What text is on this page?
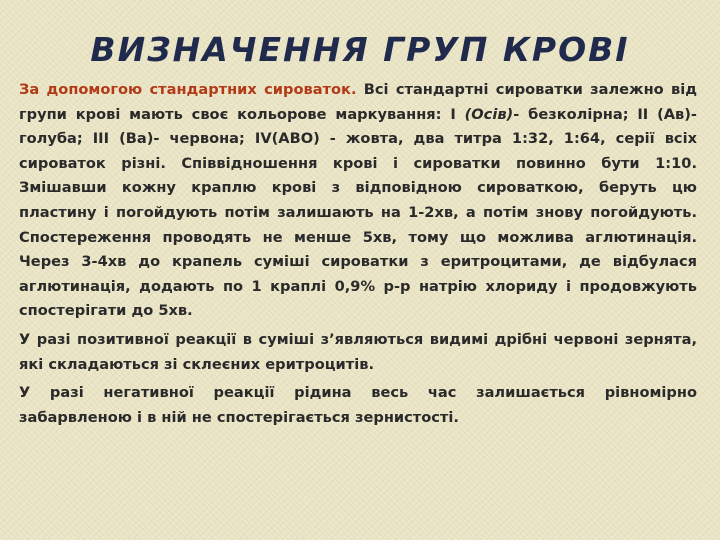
ВИЗНАЧЕННЯ ГРУП КРОВІ

За допомогою стандартних сироваток. Всі стандартні сироватки залежно від групи крові мають своє кольорове маркування: І (Осів)- безколірна; ІІ (Ав)- голуба; ІІІ (Ва)- червона; IV(АВО) - жовта, два титра 1:32, 1:64, серії всіх сироваток різні. Співвідношення крові і сироватки повинно бути 1:10. Змішавши кожну краплю крові з відповідною сироваткою, беруть цю пластину і погойдують потім залишають на 1-2хв, а потім знову погойдують. Спостереження проводять не менше 5хв, тому що можлива аглютинація. Через 3-4хв до крапель суміші сироватки з еритроцитами, де відбулася аглютинація, додають по 1 краплі 0,9% р-р натрію хлориду і продовжують спостерігати до 5хв.

У разі позитивної реакції в суміші з’являються видимі дрібні червоні зернята, які складаються зі склеєних еритроцитів.

У разі негативної реакції рідина весь час залишається рівномірно забарвленою і в ній не спостерігається зернистості.
